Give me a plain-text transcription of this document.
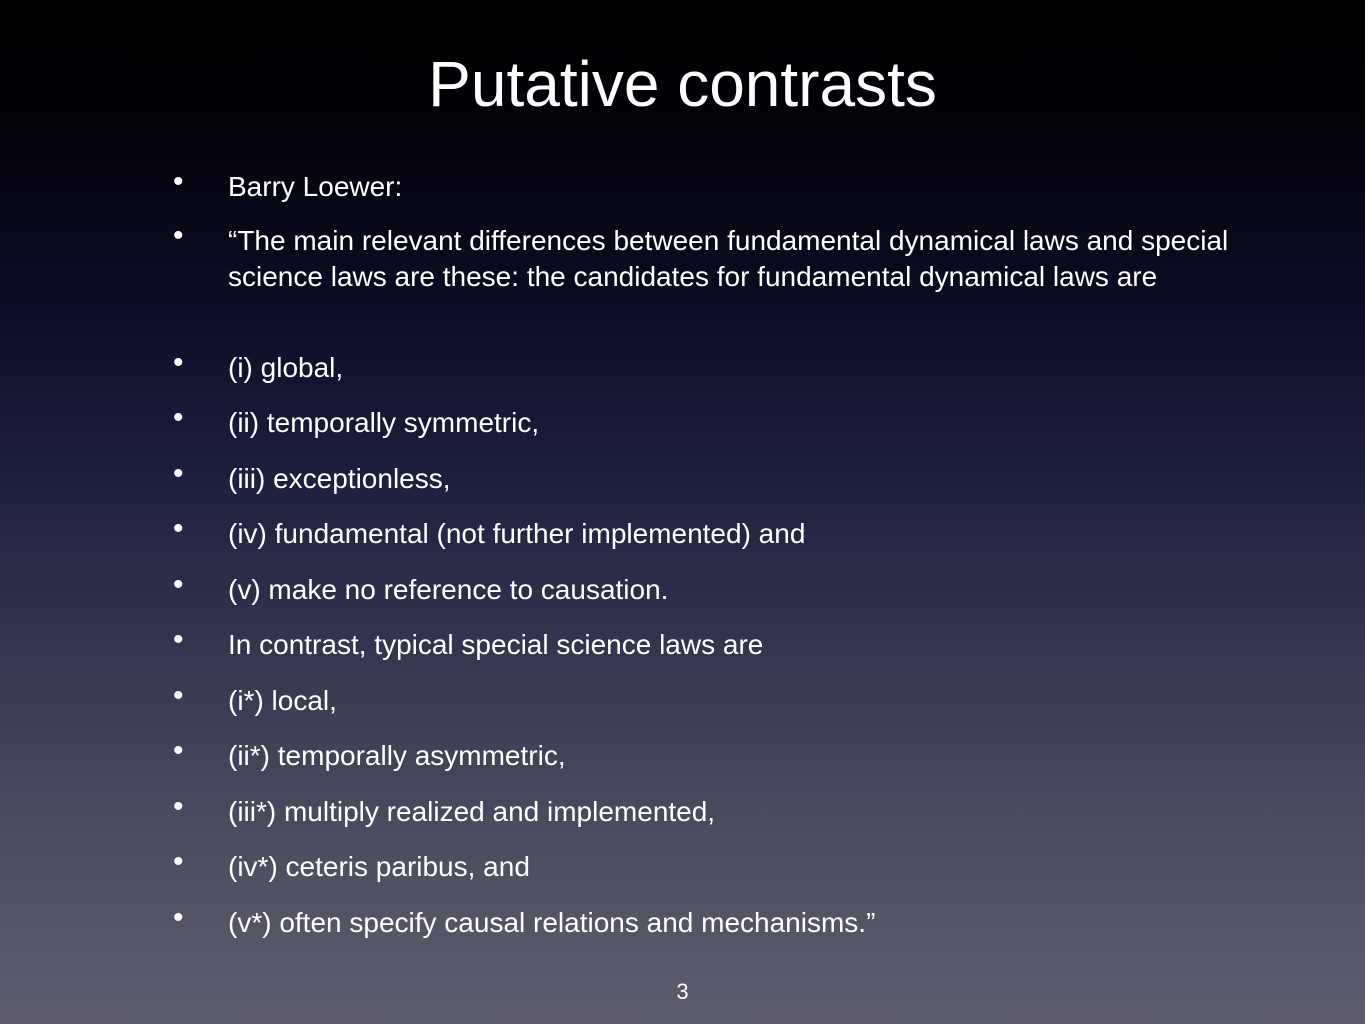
Putative contrasts
• Barry Loewer:
• “The main relevant differences between fundamental dynamical laws and special science laws are these: the candidates for fundamental dynamical laws are
• (i) global,
• (ii) temporally symmetric,
• (iii) exceptionless,
• (iv) fundamental (not further implemented) and
• (v) make no reference to causation.
• In contrast, typical special science laws are
• (i*) local,
• (ii*) temporally asymmetric,
• (iii*) multiply realized and implemented,
• (iv*) ceteris paribus, and
• (v*) often specify causal relations and mechanisms.”
3
